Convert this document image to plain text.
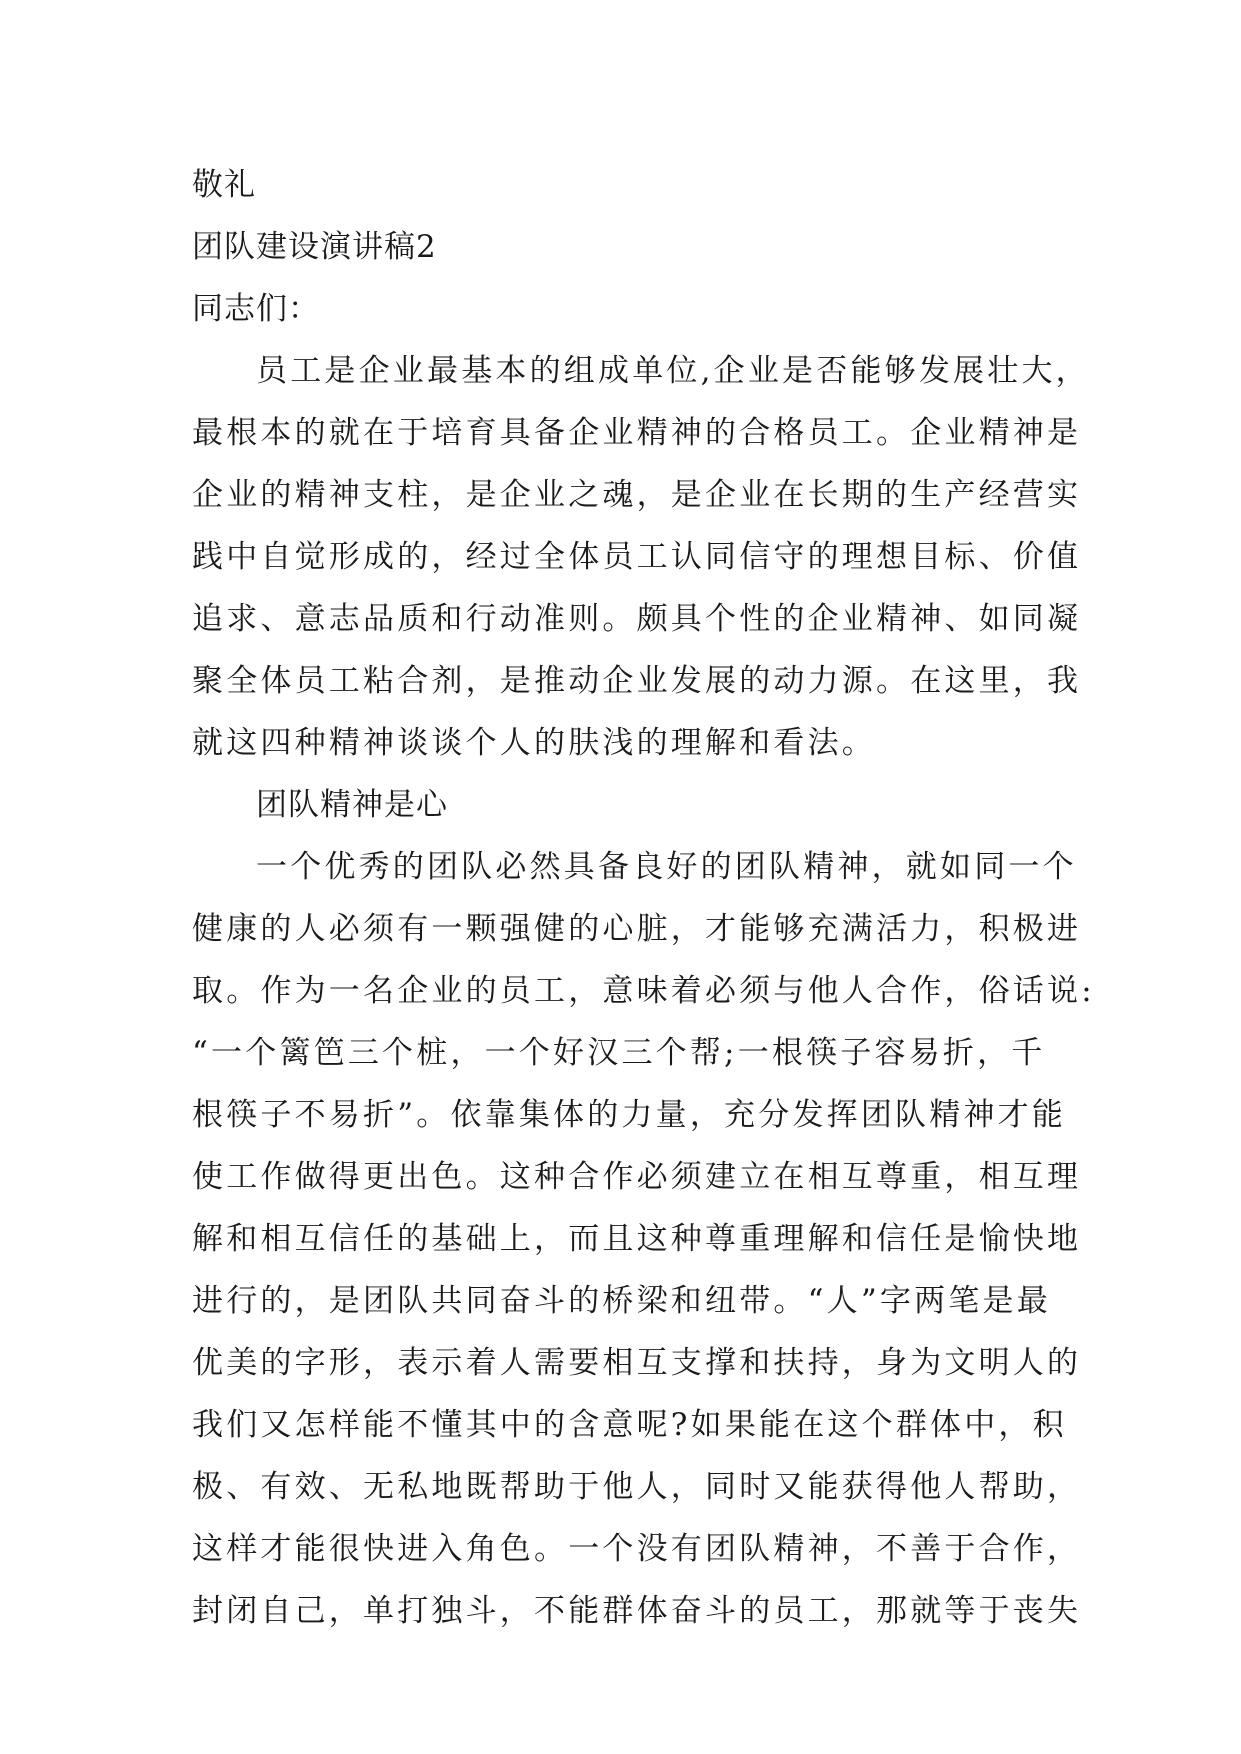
敬礼
团队建设演讲稿2
同志们：
员工是企业最基本的组成单位,企业是否能够发展壮大，
最根本的就在于培育具备企业精神的合格员工。企业精神是
企业的精神支柱，是企业之魂，是企业在长期的生产经营实
践中自觉形成的，经过全体员工认同信守的理想目标、价值
追求、意志品质和行动准则。颇具个性的企业精神、如同凝
聚全体员工粘合剂，是推动企业发展的动力源。在这里，我
就这四种精神谈谈个人的肤浅的理解和看法。
团队精神是心
一个优秀的团队必然具备良好的团队精神，就如同一个
健康的人必须有一颗强健的心脏，才能够充满活力，积极进
取。作为一名企业的员工，意味着必须与他人合作，俗话说:
“一个篱笆三个桩，一个好汉三个帮;一根筷子容易折，千
根筷子不易折”。依靠集体的力量，充分发挥团队精神才能
使工作做得更出色。这种合作必须建立在相互尊重，相互理
解和相互信任的基础上，而且这种尊重理解和信任是愉快地
进行的，是团队共同奋斗的桥梁和纽带。“人”字两笔是最
优美的字形，表示着人需要相互支撑和扶持，身为文明人的
我们又怎样能不懂其中的含意呢?如果能在这个群体中，积
极、有效、无私地既帮助于他人，同时又能获得他人帮助，
这样才能很快进入角色。一个没有团队精神，不善于合作，
封闭自己，单打独斗，不能群体奋斗的员工，那就等于丧失
